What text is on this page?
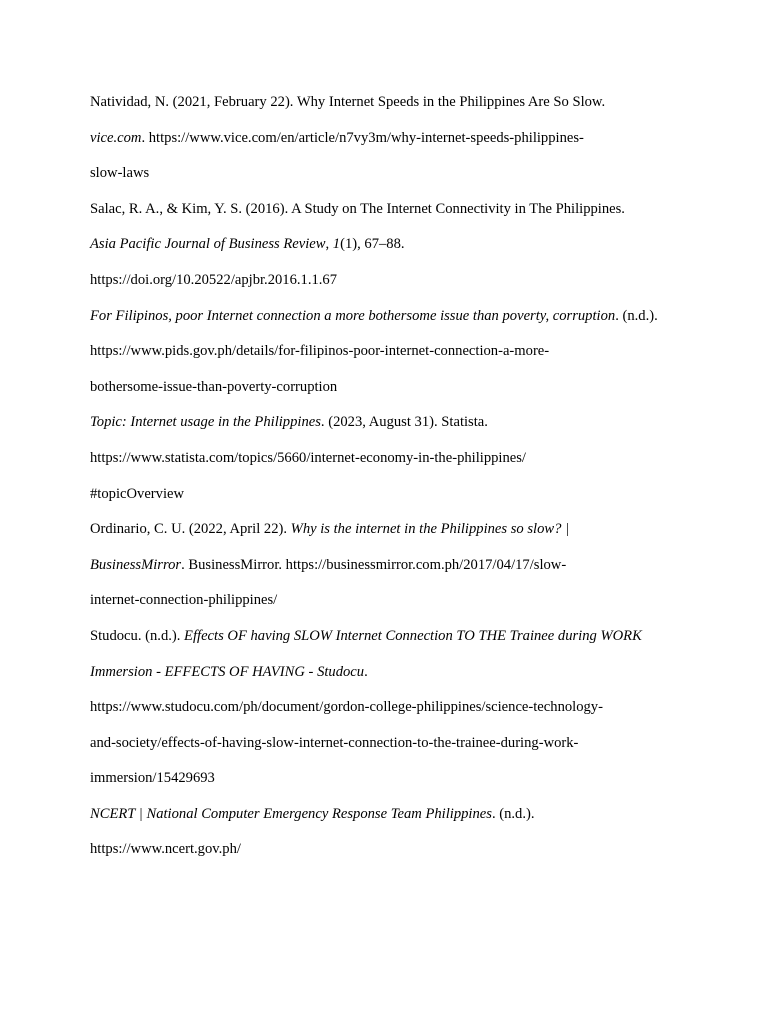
Natividad, N. (2021, February 22). Why Internet Speeds in the Philippines Are So Slow.
vice.com. https://www.vice.com/en/article/n7vy3m/why-internet-speeds-philippines-
slow-laws

Salac, R. A., & Kim, Y. S. (2016). A Study on The Internet Connectivity in The Philippines.
Asia Pacific Journal of Business Review, 1(1), 67–88.
https://doi.org/10.20522/apjbr.2016.1.1.67

For Filipinos, poor Internet connection a more bothersome issue than poverty, corruption. (n.d.).
https://www.pids.gov.ph/details/for-filipinos-poor-internet-connection-a-more-
bothersome-issue-than-poverty-corruption

Topic: Internet usage in the Philippines. (2023, August 31). Statista.
https://www.statista.com/topics/5660/internet-economy-in-the-philippines/
#topicOverview

Ordinario, C. U. (2022, April 22). Why is the internet in the Philippines so slow? |
BusinessMirror. BusinessMirror. https://businessmirror.com.ph/2017/04/17/slow-
internet-connection-philippines/

Studocu. (n.d.). Effects OF having SLOW Internet Connection TO THE Trainee during WORK
Immersion - EFFECTS OF HAVING - Studocu.
https://www.studocu.com/ph/document/gordon-college-philippines/science-technology-
and-society/effects-of-having-slow-internet-connection-to-the-trainee-during-work-
immersion/15429693

NCERT | National Computer Emergency Response Team Philippines. (n.d.).
https://www.ncert.gov.ph/
